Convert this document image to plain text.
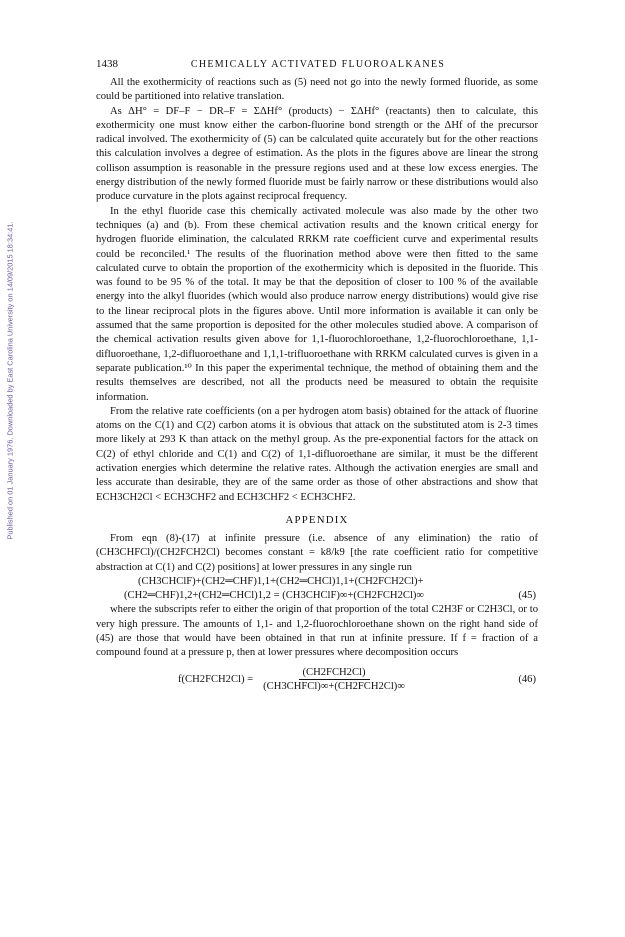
Published on 01 January 1976. Downloaded by East Carolina University on 14/09/2015 18:34:41.
1438	CHEMICALLY ACTIVATED FLUOROALKANES

All the exothermicity of reactions such as (5) need not go into the newly formed fluoride, as some could be partitioned into relative translation.

As ΔH° = DF–F − DR–F = ΣΔHf° (products) − ΣΔHf° (reactants) then to calculate, this exothermicity one must know either the carbon-fluorine bond strength or the ΔHf of the precursor radical involved. The exothermicity of (5) can be calculated quite accurately but for the other reactions this calculation involves a degree of estimation. As the plots in the figures above are linear the strong collison assumption is reasonable in the pressure regions used and at these low excess energies. The energy distribution of the newly formed fluoride must be fairly narrow or these distributions would also produce curvature in the plots against reciprocal frequency.

In the ethyl fluoride case this chemically activated molecule was also made by the other two techniques (a) and (b). From these chemical activation results and the known critical energy for hydrogen fluoride elimination, the calculated RRKM rate coefficient curve and experimental results could be reconciled.¹ The results of the fluorination method above were then fitted to the same calculated curve to obtain the proportion of the exothermicity which is deposited in the fluoride. This was found to be 95 % of the total. It may be that the deposition of closer to 100 % of the available energy into the alkyl fluorides (which would also produce narrow energy distributions) would give rise to the linear reciprocal plots in the figures above. Until more information is available it can only be assumed that the same proportion is deposited for the other molecules studied above. A comparison of the chemical activation results given above for 1,1-fluorochloroethane, 1,2-fluorochloroethane, 1,1-difluoroethane, 1,2-difluoroethane and 1,1,1-trifluoroethane with RRKM calculated curves is given in a separate publication.¹⁰ In this paper the experimental technique, the method of obtaining them and the results themselves are described, not all the products need be measured to obtain the requisite information.

From the relative rate coefficients (on a per hydrogen atom basis) obtained for the attack of fluorine atoms on the C(1) and C(2) carbon atoms it is obvious that attack on the substituted atom is 2-3 times more likely at 293 K than attack on the methyl group. As the pre-exponential factors for the attack on C(2) of ethyl chloride and C(1) and C(2) of 1,1-difluoroethane are similar, it must be the different activation energies which determine the relative rates. Although the activation energies are small and less accurate than desirable, they are of the same order as those of other abstractions and show that ECH3CH2Cl < ECH3CHF2 and ECH3CHF2 < ECH3CHF2.

APPENDIX

From eqn (8)-(17) at infinite pressure (i.e. absence of any elimination) the ratio of (CH3CHFCl)/(CH2FCH2Cl) becomes constant = k8/k9 [the rate coefficient ratio for competitive abstraction at C(1) and C(2) positions] at lower pressures in any single run

(CH3CHClF)+(CH2═CHF)1,1+(CH2═CHCl)1,1+(CH2FCH2Cl)+
(CH2═CHF)1,2+(CH2═CHCl)1,2 = (CH3CHClF)∞+(CH2FCH2Cl)∞	(45)

where the subscripts refer to either the origin of that proportion of the total C2H3F or C2H3Cl, or to very high pressure. The amounts of 1,1- and 1,2-fluorochloroethane shown on the right hand side of (45) are those that would have been obtained in that run at infinite pressure. If f = fraction of a compound found at a pressure p, then at lower pressures where decomposition occurs

$f(CH2FCH2Cl) = \frac{\text{(CH2FCH2Cl)}}{\text{(CH3CHFCl)∞+(CH2FCH2Cl)∞}}$	(46)
